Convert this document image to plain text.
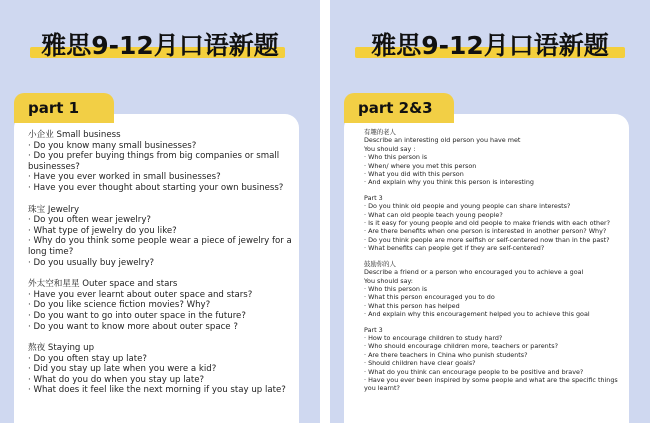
雅思9-12月口语新题
part 1
小企业 Small business
· Do you know many small businesses?
· Do you prefer buying things from big companies or small businesses?
· Have you ever worked in small businesses?
· Have you ever thought about starting your own business?
珠宝 Jewelry
· Do you often wear jewelry?
· What type of jewelry do you like?
· Why do you think some people wear a piece of jewelry for a long time?
· Do you usually buy jewelry?
外太空和星星 Outer space and stars
· Have you ever learnt about outer space and stars?
· Do you like science fiction movies? Why?
· Do you want to go into outer space in the future?
· Do you want to know more about outer space ?
熬夜 Staying up
· Do you often stay up late?
· Did you stay up late when you were a kid?
· What do you do when you stay up late?
· What does it feel like the next morning if you stay up late?
雅思9-12月口语新题
part 2&3
有趣的老人
Describe an interesting old person you have met
You should say :
· Who this person is
· When/ where you met this person
· What you did with this person
· And explain why you think this person is interesting
Part 3
· Do you think old people and young people can share interests?
· What can old people teach young people?
· Is it easy for young people and old people to make friends with each other?
· Are there benefits when one person is interested in another person? Why?
· Do you think people are more selfish or self-centered now than in the past?
· What benefits can people get if they are self-centered?
鼓励你的人
Describe a friend or a person who encouraged you to achieve a goal
You should say:
· Who this person is
· What this person encouraged you to do
· What this person has helped
· And explain why this encouragement helped you to achieve this goal
Part 3
· How to encourage children to study hard?
· Who should encourage children more, teachers or parents?
· Are there teachers in China who punish students?
· Should children have clear goals?
· What do you think can encourage people to be positive and brave?
· Have you ever been inspired by some people and what are the specific things you learnt?
